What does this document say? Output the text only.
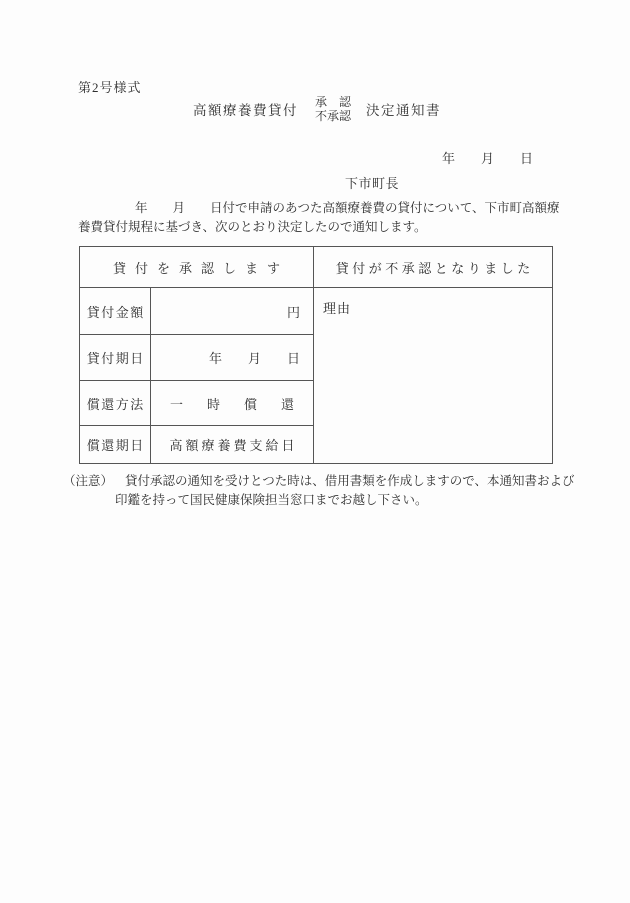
第2号様式
高額療養費貸付
承　認
不承認 決定通知書
年　　月　　日
下市町長

年　　月　　日付で申請のあつた高額療養費の貸付について、下市町高額療養費貸付規程に基づき、次のとおり決定したので通知します。

貸付を承認します	貸付が不承認となりました
貸付金額	円
貸付期日	年　　月　　日
償還方法	一時償還
償還期日	高額療養費支給日
理由

（注意） 貸付承認の通知を受けとつた時は、借用書類を作成しますので、本通知書および印鑑を持って国民健康保険担当窓口までお越し下さい。
